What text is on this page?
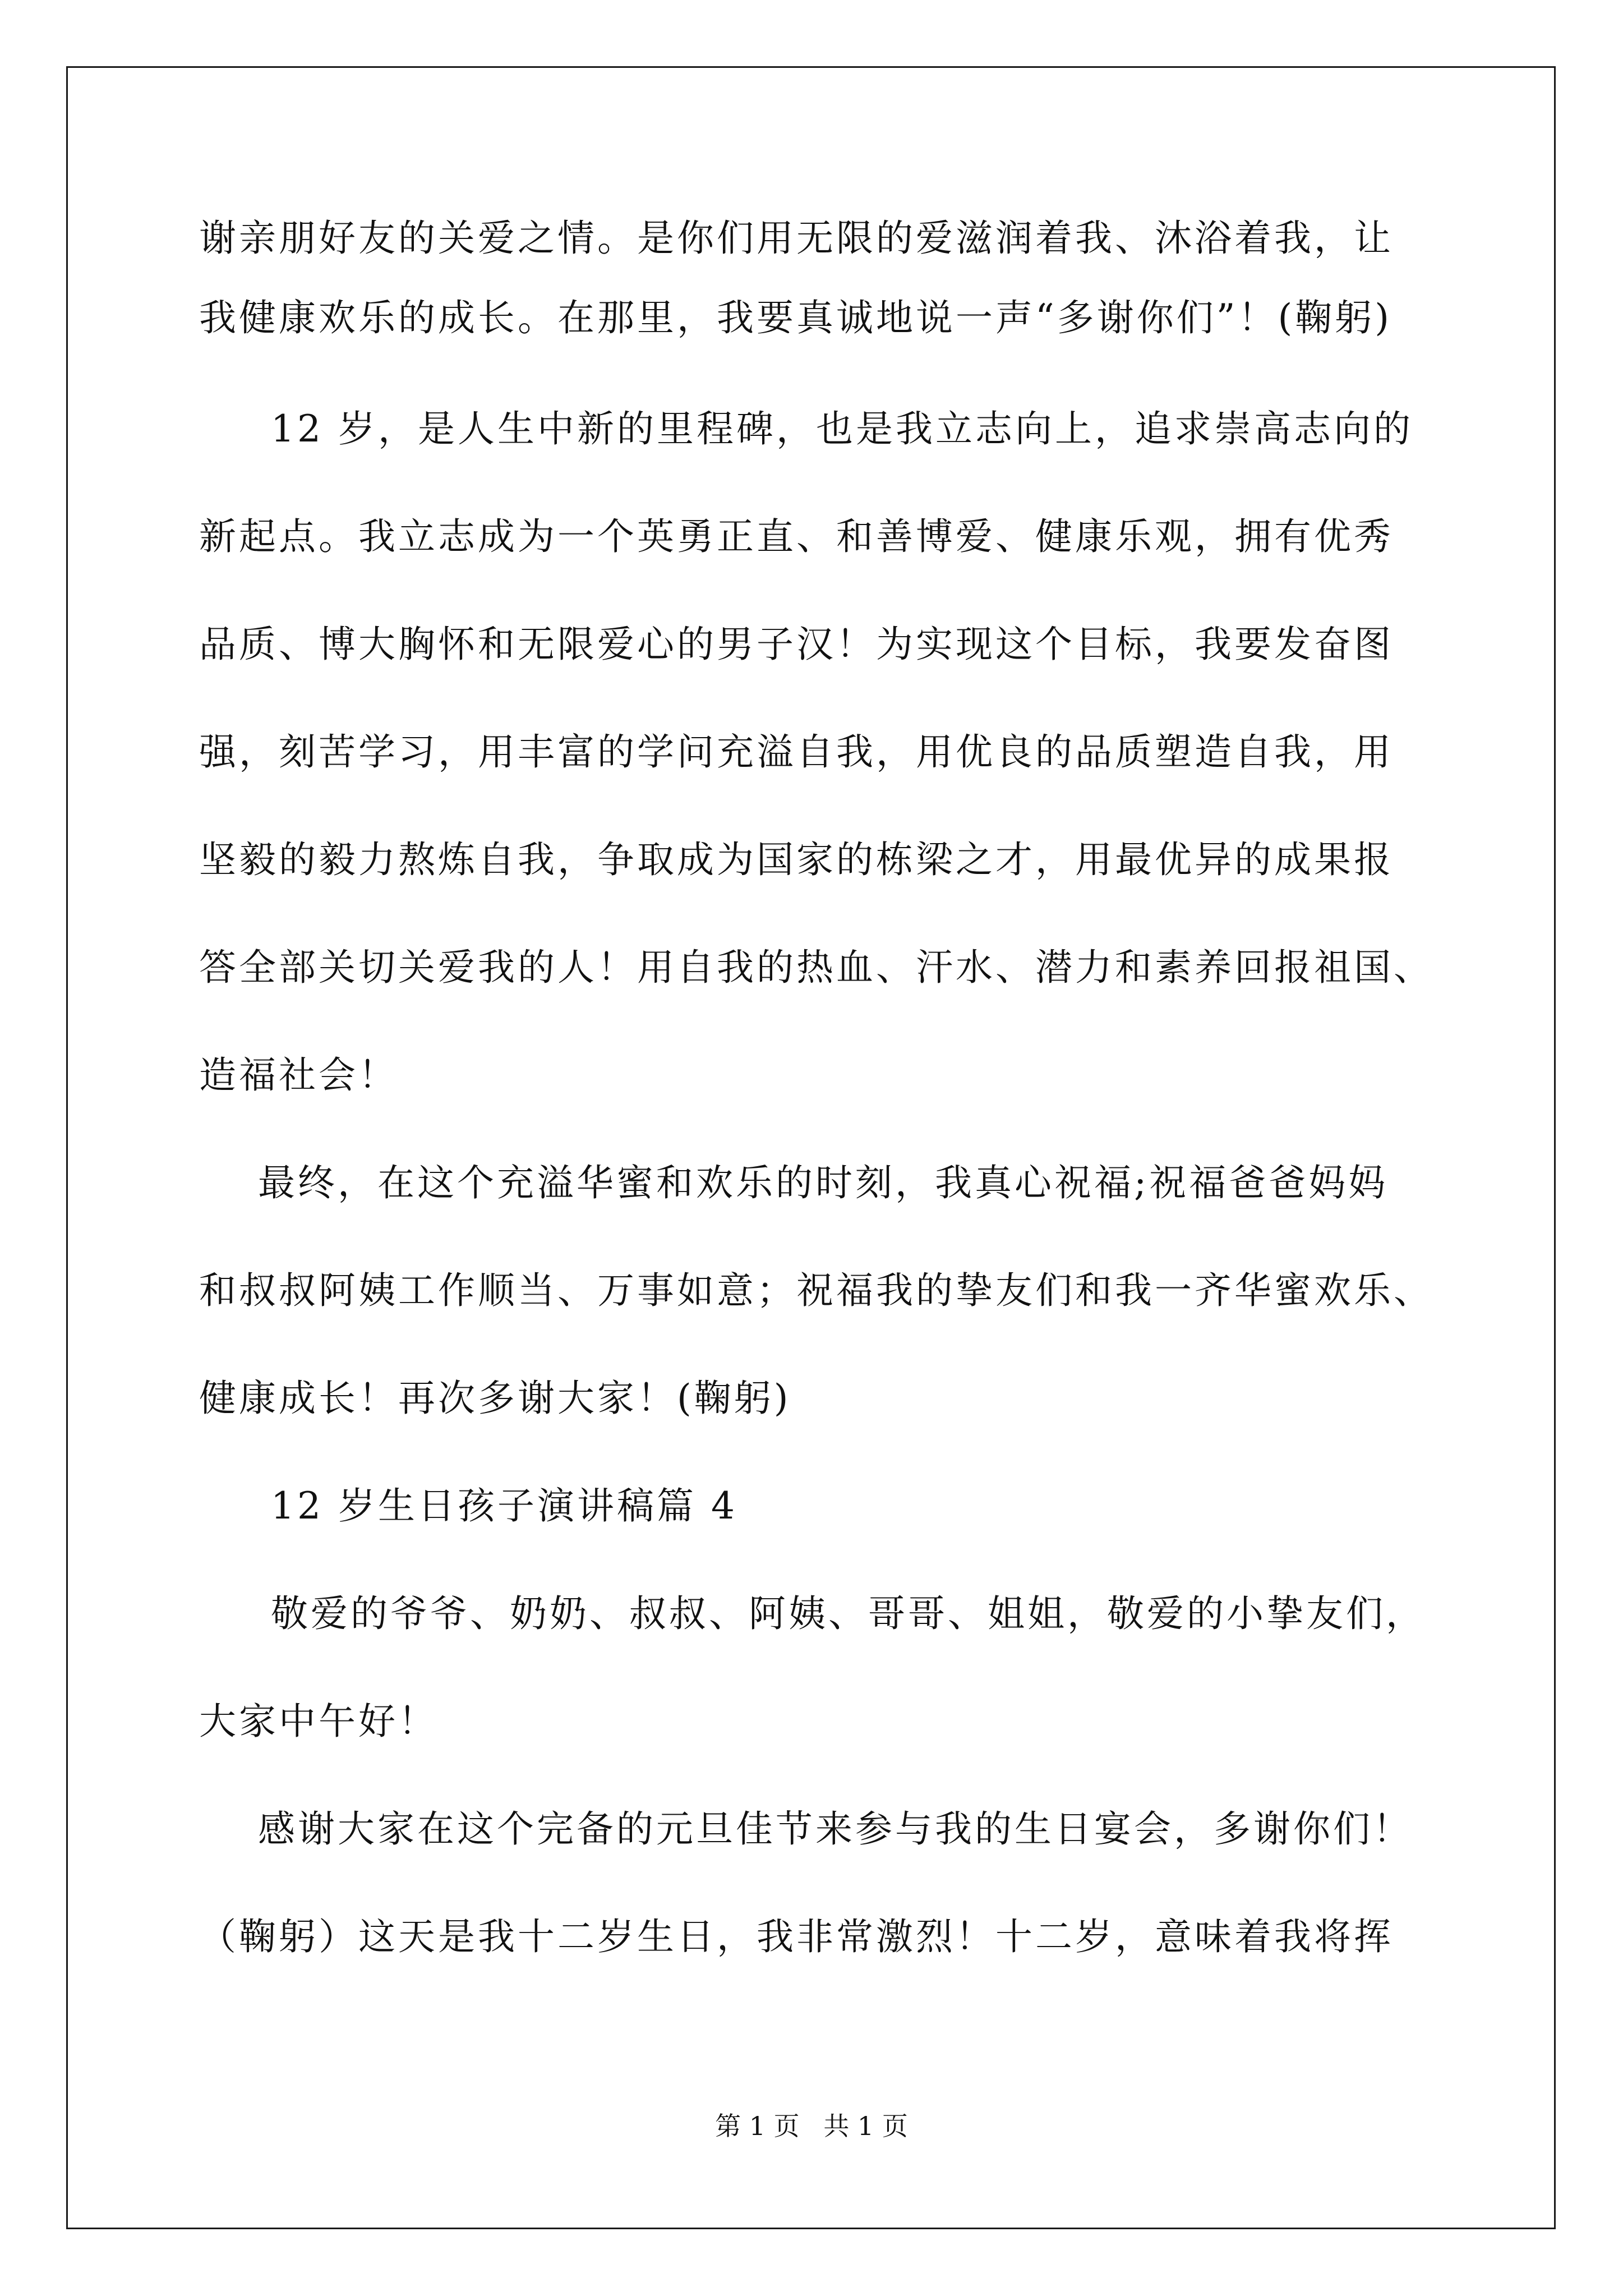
谢亲朋好友的关爱之情。是你们用无限的爱滋润着我、沐浴着我，让
我健康欢乐的成长。在那里，我要真诚地说一声“多谢你们”！(鞠躬)
12 岁，是人生中新的里程碑，也是我立志向上，追求崇高志向的
新起点。我立志成为一个英勇正直、和善博爱、健康乐观，拥有优秀
品质、博大胸怀和无限爱心的男子汉！为实现这个目标，我要发奋图
强，刻苦学习，用丰富的学问充溢自我，用优良的品质塑造自我，用
坚毅的毅力熬炼自我，争取成为国家的栋梁之才，用最优异的成果报
答全部关切关爱我的人！用自我的热血、汗水、潜力和素养回报祖国、
造福社会！
最终，在这个充溢华蜜和欢乐的时刻，我真心祝福;祝福爸爸妈妈
和叔叔阿姨工作顺当、万事如意；祝福我的挚友们和我一齐华蜜欢乐、
健康成长！再次多谢大家！(鞠躬)
12 岁生日孩子演讲稿篇 4
敬爱的爷爷、奶奶、叔叔、阿姨、哥哥、姐姐，敬爱的小挚友们，
大家中午好！
感谢大家在这个完备的元旦佳节来参与我的生日宴会，多谢你们！
（鞠躬）这天是我十二岁生日，我非常激烈！十二岁，意味着我将挥
第 1 页 共 1 页
